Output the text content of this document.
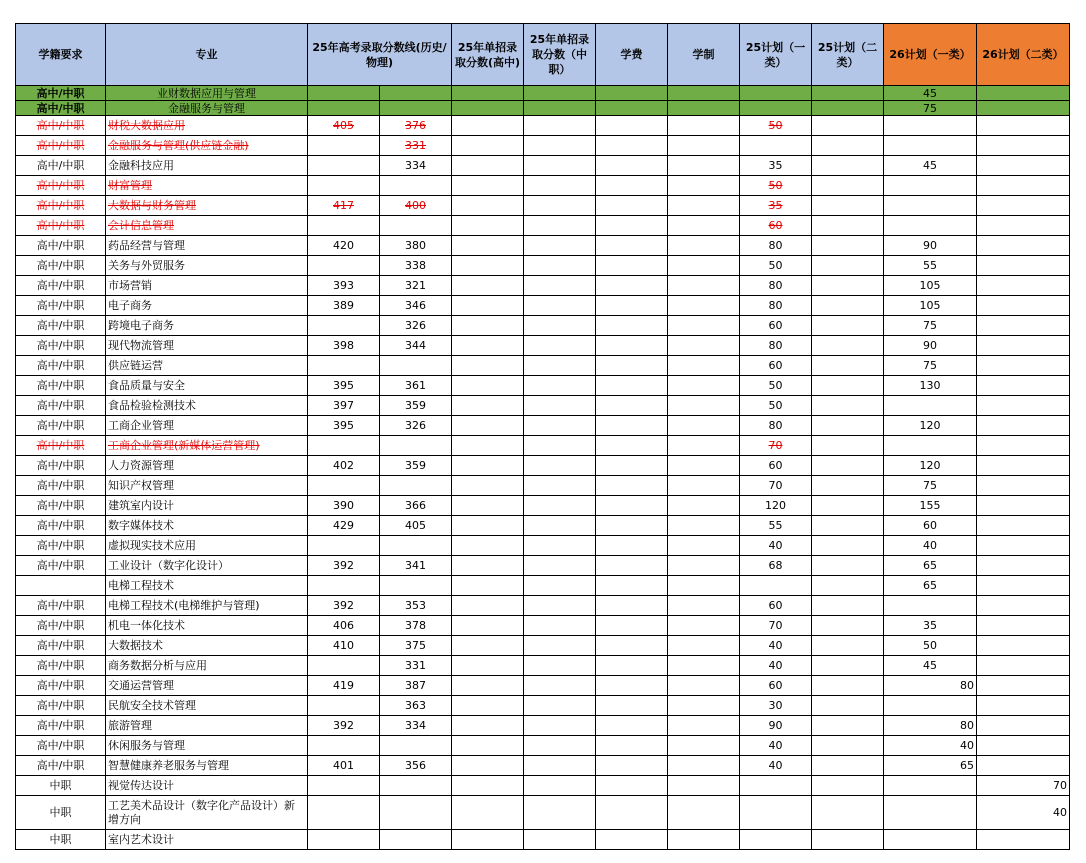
学籍要求	专业	25年高考录取分数线(历史/物理)		25年单招录取分数(高中)	25年单招录取分数（中职）	学费	学制	25计划（一类）	25计划（二类）	26计划（一类）	26计划（二类）
高中/中职	业财数据应用与管理									45	
高中/中职	金融服务与管理									75	
高中/中职	财税大数据应用	405	376					50			
高中/中职	金融服务与管理(供应链金融)		331								
高中/中职	金融科技应用		334					35		45	
高中/中职	财富管理							50			
高中/中职	大数据与财务管理	417	400					35			
高中/中职	会计信息管理							60			
高中/中职	药品经营与管理	420	380					80		90	
高中/中职	关务与外贸服务		338					50		55	
高中/中职	市场营销	393	321					80		105	
高中/中职	电子商务	389	346					80		105	
高中/中职	跨境电子商务		326					60		75	
高中/中职	现代物流管理	398	344					80		90	
高中/中职	供应链运营							60		75	
高中/中职	食品质量与安全	395	361					50		130	
高中/中职	食品检验检测技术	397	359					50			
高中/中职	工商企业管理	395	326					80		120	
高中/中职	工商企业管理(新媒体运营管理)							70			
高中/中职	人力资源管理	402	359					60		120	
高中/中职	知识产权管理							70		75	
高中/中职	建筑室内设计	390	366					120		155	
高中/中职	数字媒体技术	429	405					55		60	
高中/中职	虚拟现实技术应用							40		40	
高中/中职	工业设计（数字化设计）	392	341					68		65	
	电梯工程技术									65	
高中/中职	电梯工程技术(电梯维护与管理)	392	353					60			
高中/中职	机电一体化技术	406	378					70		35	
高中/中职	大数据技术	410	375					40		50	
高中/中职	商务数据分析与应用		331					40		45	
高中/中职	交通运营管理	419	387					60		80	
高中/中职	民航安全技术管理		363					30			
高中/中职	旅游管理	392	334					90		80	
高中/中职	休闲服务与管理							40		40	
高中/中职	智慧健康养老服务与管理	401	356					40		65	
中职	视觉传达设计										70
中职	工艺美术品设计（数字化产品设计）新增方向										40
中职	室内艺术设计										
